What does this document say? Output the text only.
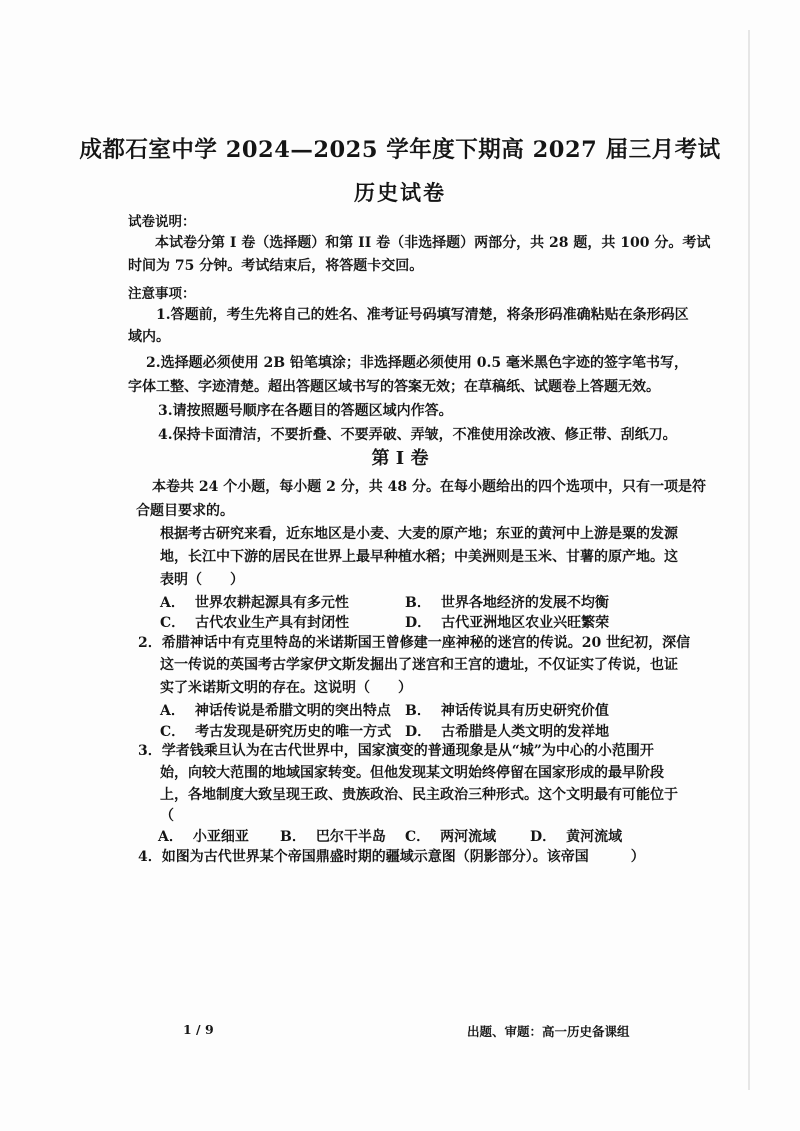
成都石室中学 2024—2025 学年度下期高 2027 届三月考试
历史试卷
试卷说明：
本试卷分第 I 卷（选择题）和第 II 卷（非选择题）两部分，共 28 题，共 100 分。考试
时间为 75 分钟。考试结束后，将答题卡交回。
注意事项：
1.答题前，考生先将自己的姓名、准考证号码填写清楚，将条形码准确粘贴在条形码区
域内。
2.选择题必须使用 2B 铅笔填涂；非选择题必须使用 0.5 毫米黑色字迹的签字笔书写，
字体工整、字迹清楚。超出答题区域书写的答案无效；在草稿纸、试题卷上答题无效。
3.请按照题号顺序在各题目的答题区域内作答。
4.保持卡面清洁，不要折叠、不要弄破、弄皱，不准使用涂改液、修正带、刮纸刀。
第 I 卷
本卷共 24 个小题，每小题 2 分，共 48 分。在每小题给出的四个选项中，只有一项是符
合题目要求的。
根据考古研究来看，近东地区是小麦、大麦的原产地；东亚的黄河中上游是粟的发源
地，长江中下游的居民在世界上最早种植水稻；中美洲则是玉米、甘薯的原产地。这
表明（　　）
A． 世界农耕起源具有多元性	B． 世界各地经济的发展不均衡
C． 古代农业生产具有封闭性	D． 古代亚洲地区农业兴旺繁荣
2．希腊神话中有克里特岛的米诺斯国王曾修建一座神秘的迷宫的传说。20 世纪初，深信
这一传说的英国考古学家伊文斯发掘出了迷宫和王宫的遗址，不仅证实了传说，也证
实了米诺斯文明的存在。这说明（　　）
A． 神话传说是希腊文明的突出特点 B． 神话传说具有历史研究价值
C． 考古发现是研究历史的唯一方式 D． 古希腊是人类文明的发祥地
3．学者钱乘旦认为在古代世界中，国家演变的普通现象是从“城”为中心的小范围开
始，向较大范围的地域国家转变。但他发现某文明始终停留在国家形成的最早阶段
上，各地制度大致呈现王政、贵族政治、民主政治三种形式。这个文明最有可能位于
（
A． 小亚细亚 B． 巴尔干半岛 C． 两河流域 D． 黄河流域
4．如图为古代世界某个帝国鼎盛时期的疆域示意图（阴影部分）。该帝国　　　）
1 / 9	出题、审题：高一历史备课组
